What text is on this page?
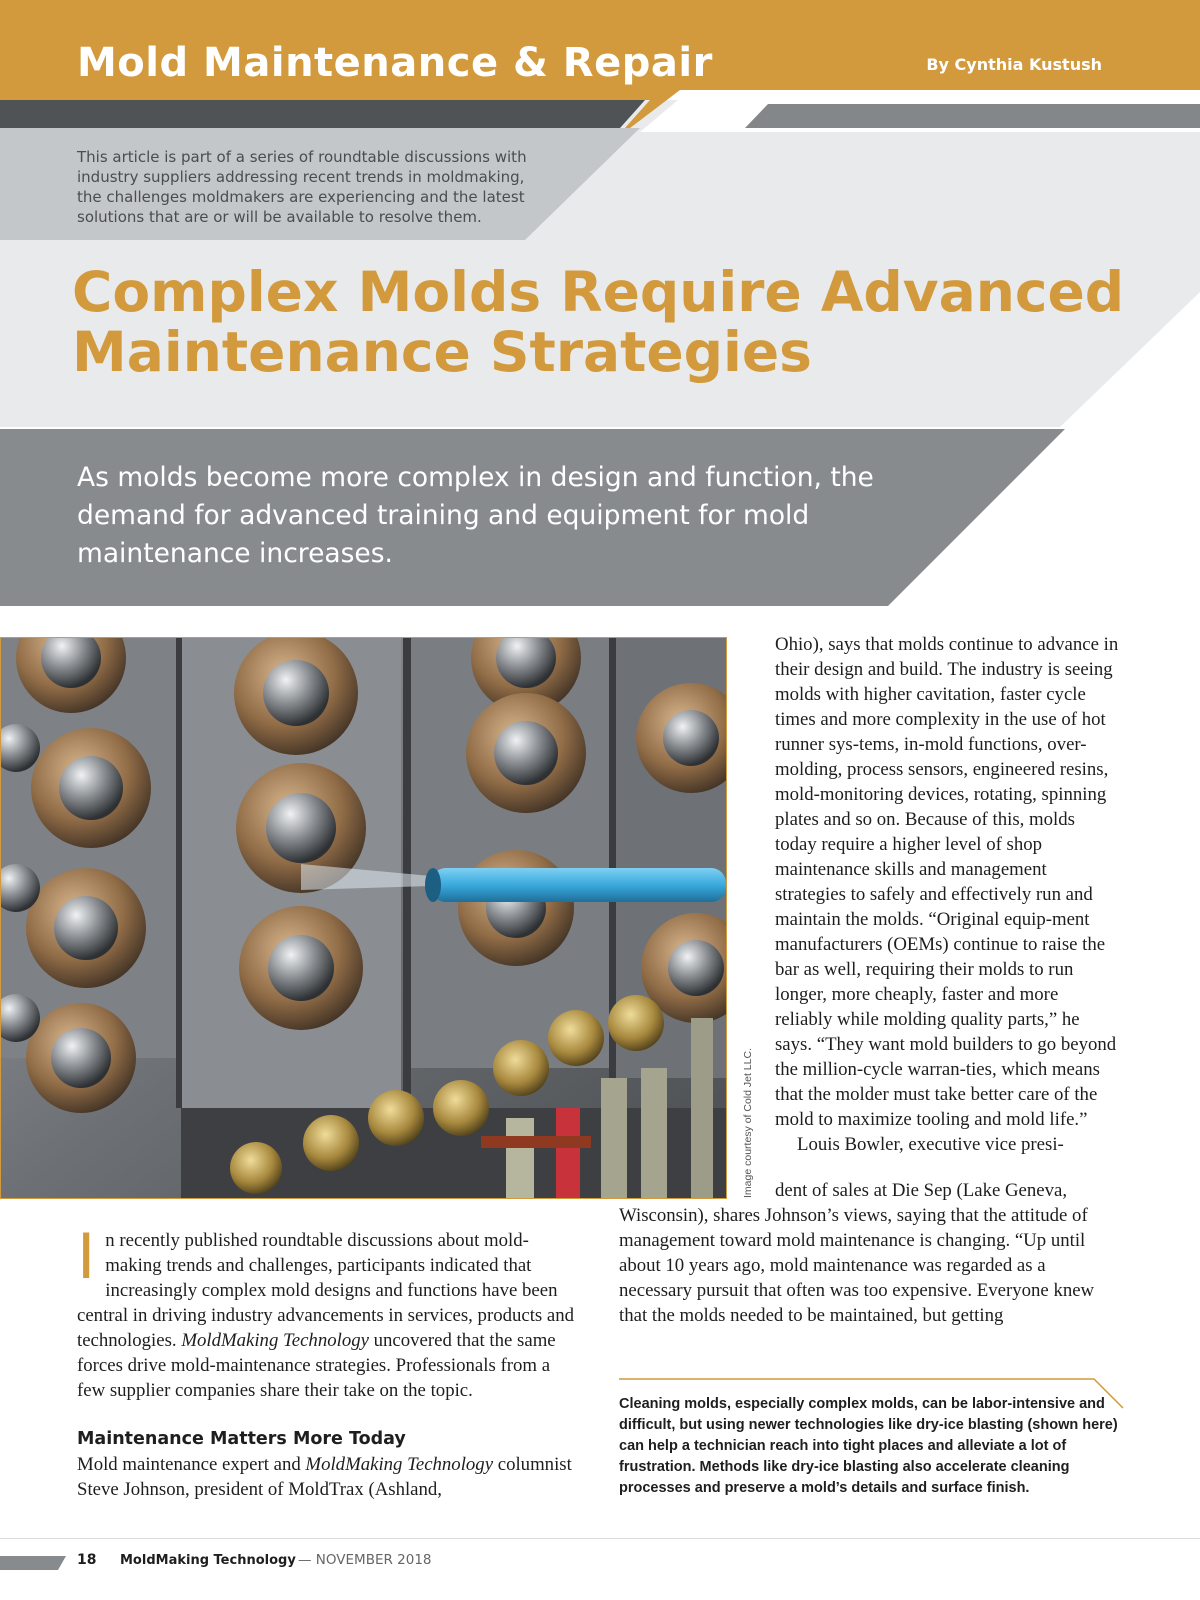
Mold Maintenance & Repair	By Cynthia Kustush
This article is part of a series of roundtable discussions with industry suppliers addressing recent trends in moldmaking, the challenges moldmakers are experiencing and the latest solutions that are or will be available to resolve them.
Complex Molds Require Advanced
Maintenance Strategies
As molds become more complex in design and function, the demand for advanced training and equipment for mold maintenance increases.
Image courtesy of Cold Jet LLC.

Ohio), says that molds continue to advance in their design and build. The industry is seeing molds with higher cavitation, faster cycle times and more complexity in the use of hot runner sys-tems, in-mold functions, over-molding, process sensors, engineered resins, mold-monitoring devices, rotating, spinning plates and so on. Because of this, molds today require a higher level of shop maintenance skills and management strategies to safely and effectively run and maintain the molds. “Original equip-ment manufacturers (OEMs) continue to raise the bar as well, requiring their molds to run longer, more cheaply, faster and more reliably while molding quality parts,” he says. “They want mold builders to go beyond the million-cycle warran-ties, which means that the molder must take better care of the mold to maximize tooling and mold life.”

Louis Bowler, executive vice presi-

dent of sales at Die Sep (Lake Geneva,

Wisconsin), shares Johnson’s views, saying that the attitude of management toward mold maintenance is changing. “Up until about 10 years ago, mold maintenance was regarded as a necessary pursuit that often was too expensive. Everyone knew that the molds needed to be maintained, but getting

In recently published roundtable discussions about mold-making trends and challenges, participants indicated that increasingly complex mold designs and functions have been central in driving industry advancements in services, products and technologies. MoldMaking Technology uncovered that the same forces drive mold-maintenance strategies. Professionals from a few supplier companies share their take on the topic.

Maintenance Matters More Today

Mold maintenance expert and MoldMaking Technology columnist Steve Johnson, president of MoldTrax (Ashland,

Cleaning molds, especially complex molds, can be labor-intensive and difficult, but using newer technologies like dry-ice blasting (shown here) can help a technician reach into tight places and alleviate a lot of frustration. Methods like dry-ice blasting also accelerate cleaning processes and preserve a mold’s details and surface finish.
18 MoldMaking Technology — NOVEMBER 2018
